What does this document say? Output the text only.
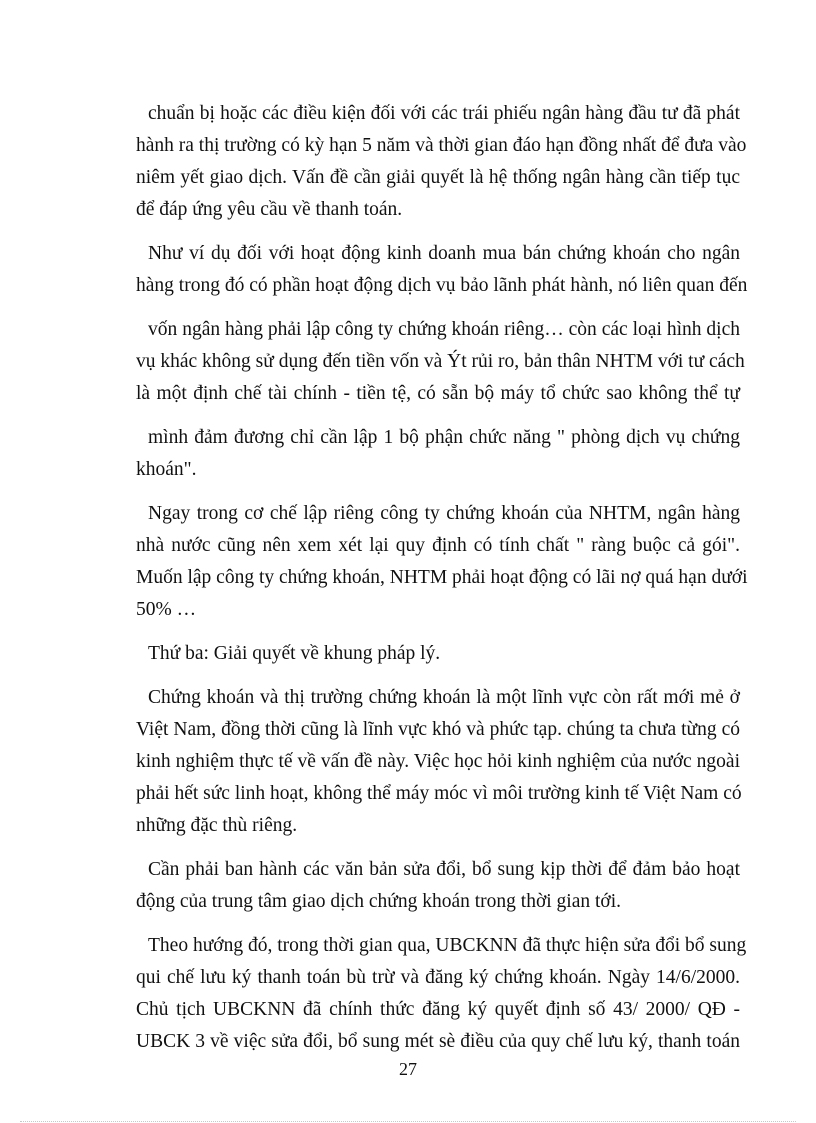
chuẩn bị hoặc các điều kiện đối với các trái phiếu ngân hàng đầu tư đã phát
hành ra thị trường có kỳ hạn 5 năm và thời gian đáo hạn đồng nhất để đưa vào
niêm yết giao dịch. Vấn đề cần giải quyết là hệ thống ngân hàng cần tiếp tục
để đáp ứng yêu cầu về thanh toán.
Như ví dụ đối với hoạt động kinh doanh mua bán chứng khoán cho ngân
hàng trong đó có phần hoạt động dịch vụ bảo lãnh phát hành, nó liên quan đến
vốn ngân hàng phải lập công ty chứng khoán riêng… còn các loại hình dịch
vụ khác không sử dụng đến tiền vốn và Ýt rủi ro, bản thân NHTM với tư cách
là một định chế tài chính - tiền tệ, có sẵn bộ máy tổ chức sao không thể tự
mình đảm đương chỉ cần lập 1 bộ phận chức năng " phòng dịch vụ chứng
khoán".
Ngay trong cơ chế lập riêng công ty chứng khoán của NHTM, ngân hàng
nhà nước cũng nên xem xét lại quy định có tính chất " ràng buộc cả gói".
Muốn lập công ty chứng khoán, NHTM phải hoạt động có lãi nợ quá hạn dưới
50% …
Thứ ba: Giải quyết về khung pháp lý.
Chứng khoán và thị trường chứng khoán là một lĩnh vực còn rất mới mẻ ở
Việt Nam, đồng thời cũng là lĩnh vực khó và phức tạp. chúng ta chưa từng có
kinh nghiệm thực tế về vấn đề này. Việc học hỏi kinh nghiệm của nước ngoài
phải hết sức linh hoạt, không thể máy móc vì môi trường kinh tế Việt Nam có
những đặc thù riêng.
Cần phải ban hành các văn bản sửa đổi, bổ sung kịp thời để đảm bảo hoạt
động của trung tâm giao dịch chứng khoán trong thời gian tới.
Theo hướng đó, trong thời gian qua, UBCKNN đã thực hiện sửa đổi bổ sung
qui chế lưu ký thanh toán bù trừ và đăng ký chứng khoán. Ngày 14/6/2000.
Chủ tịch UBCKNN đã chính thức đăng ký quyết định số 43/ 2000/ QĐ -
UBCK 3 về việc sửa đổi, bổ sung mét sè điều của quy chế lưu ký, thanh toán
27
